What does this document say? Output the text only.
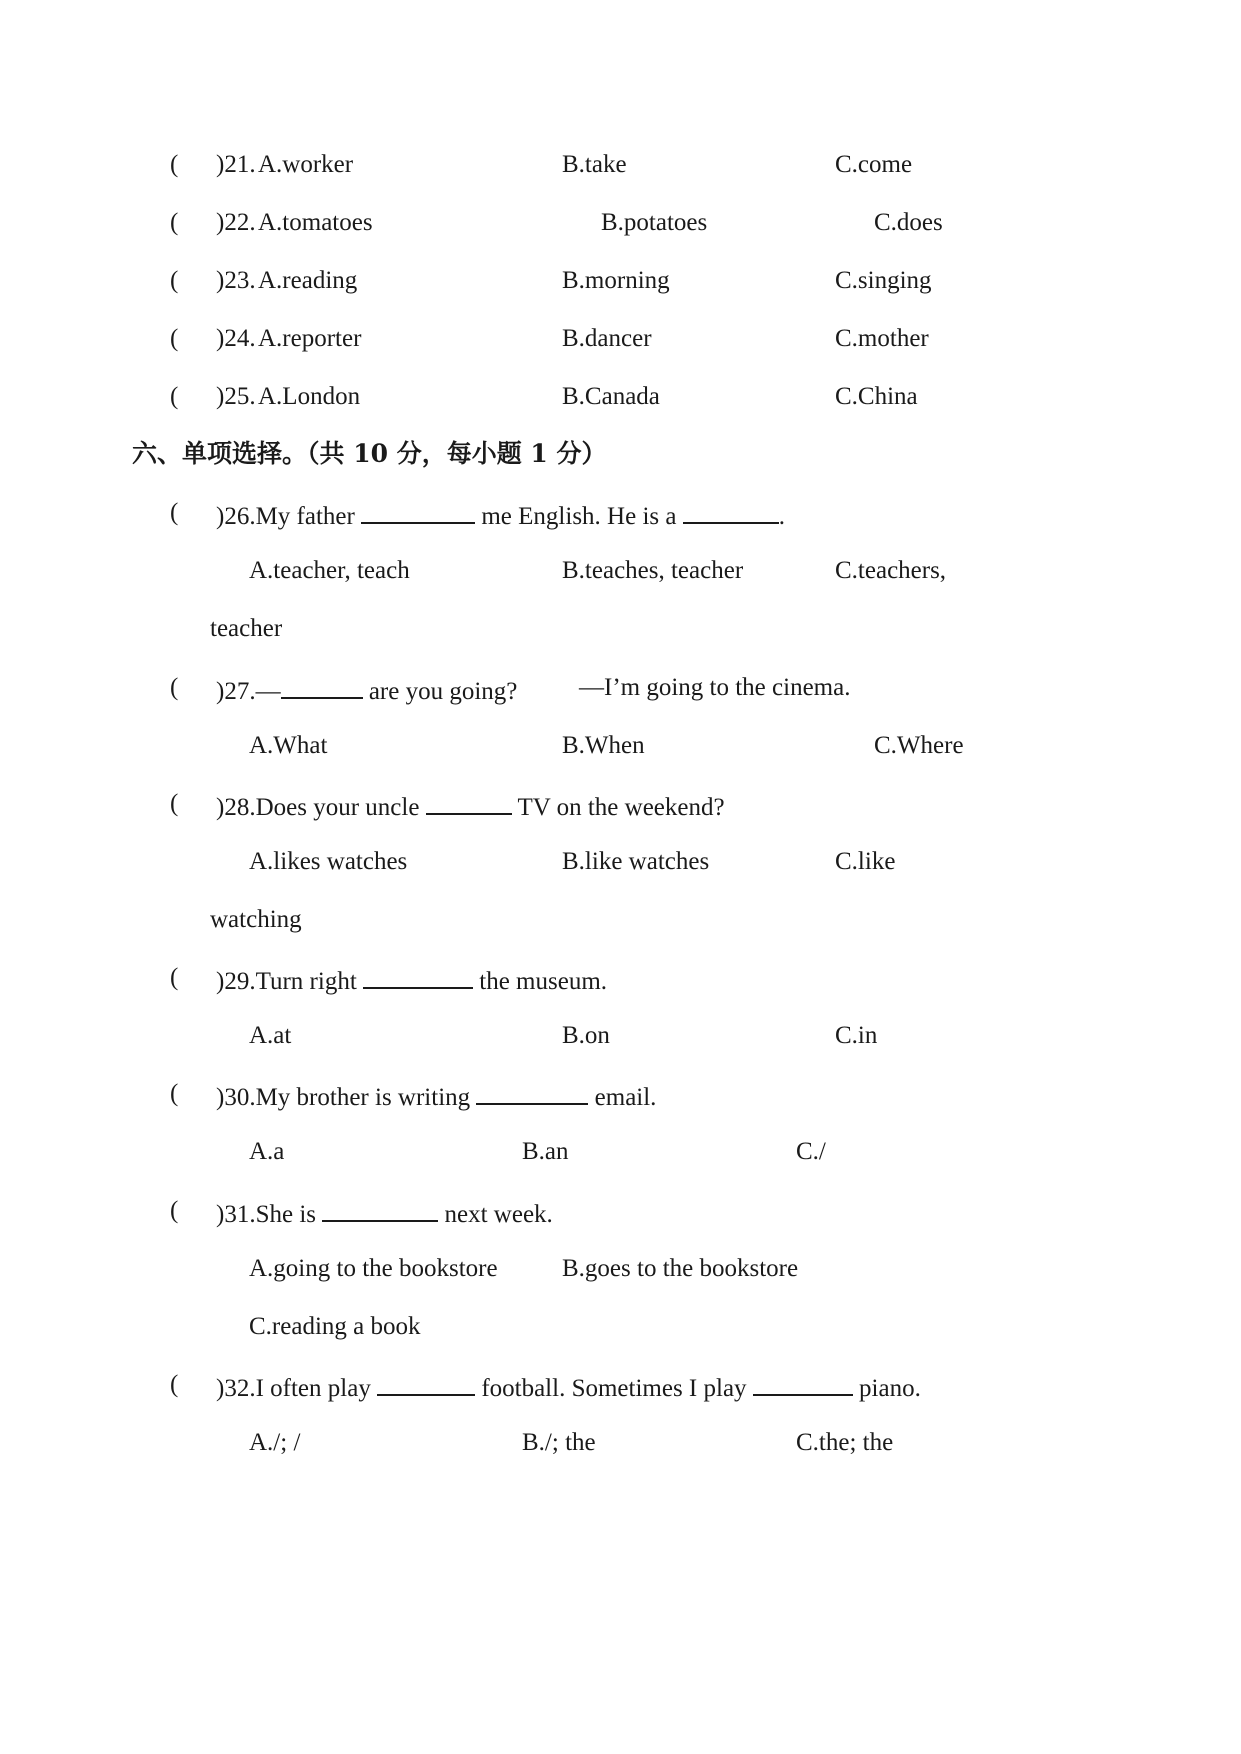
( )21. A.worker	B.take	C.come
( )22. A.tomatoes	B.potatoes	C.does
( )23. A.reading	B.morning	C.singing
( )24. A.reporter	B.dancer	C.mother
( )25. A.London	B.Canada	C.China
六、单项选择。（共 10 分，每小题 1 分）
( )26.My father	me English. He is a	.
A.teacher, teach	B.teaches, teacher	C.teachers,
teacher
( )27.—	are you going? —I’m going to the cinema.
A.What	B.When	C.Where
( )28.Does your uncle	TV on the weekend?
A.likes watches	B.like watches	C.like
watching
( )29.Turn right	the museum.
A.at	B.on	C.in
( )30.My brother is writing	email.
A.a	B.an	C./
( )31.She is	next week.
A.going to the bookstore	B.goes to the bookstore
C.reading a book
( )32.I often play	football. Sometimes I play	piano.
A./; /	B./; the	C.the; the
